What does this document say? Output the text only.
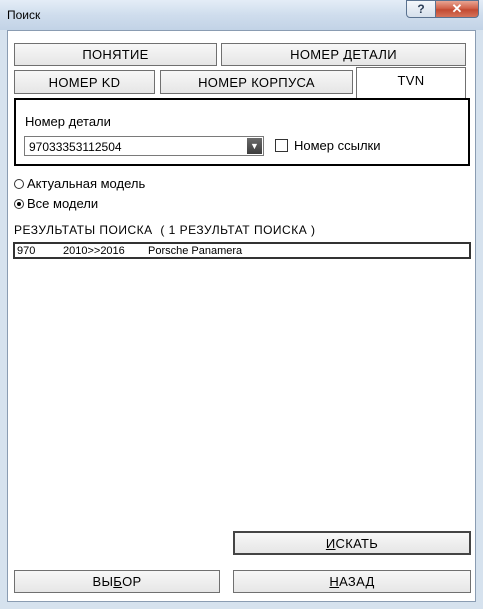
Поиск	? ✕
ПОНЯТИЕ	НОМЕР ДЕТАЛИ
НОМЕР KD	НОМЕР КОРПУСА	TVN
Номер детали
97033353112504	▼	Номер ссылки
Актуальная модель
Все модели
РЕЗУЛЬТАТЫ ПОИСКА  ( 1 РЕЗУЛЬТАТ ПОИСКА )
970	2010>>2016 Porsche Panamera
И СКАТЬ
ВЫ Б ОР	Н АЗАД
